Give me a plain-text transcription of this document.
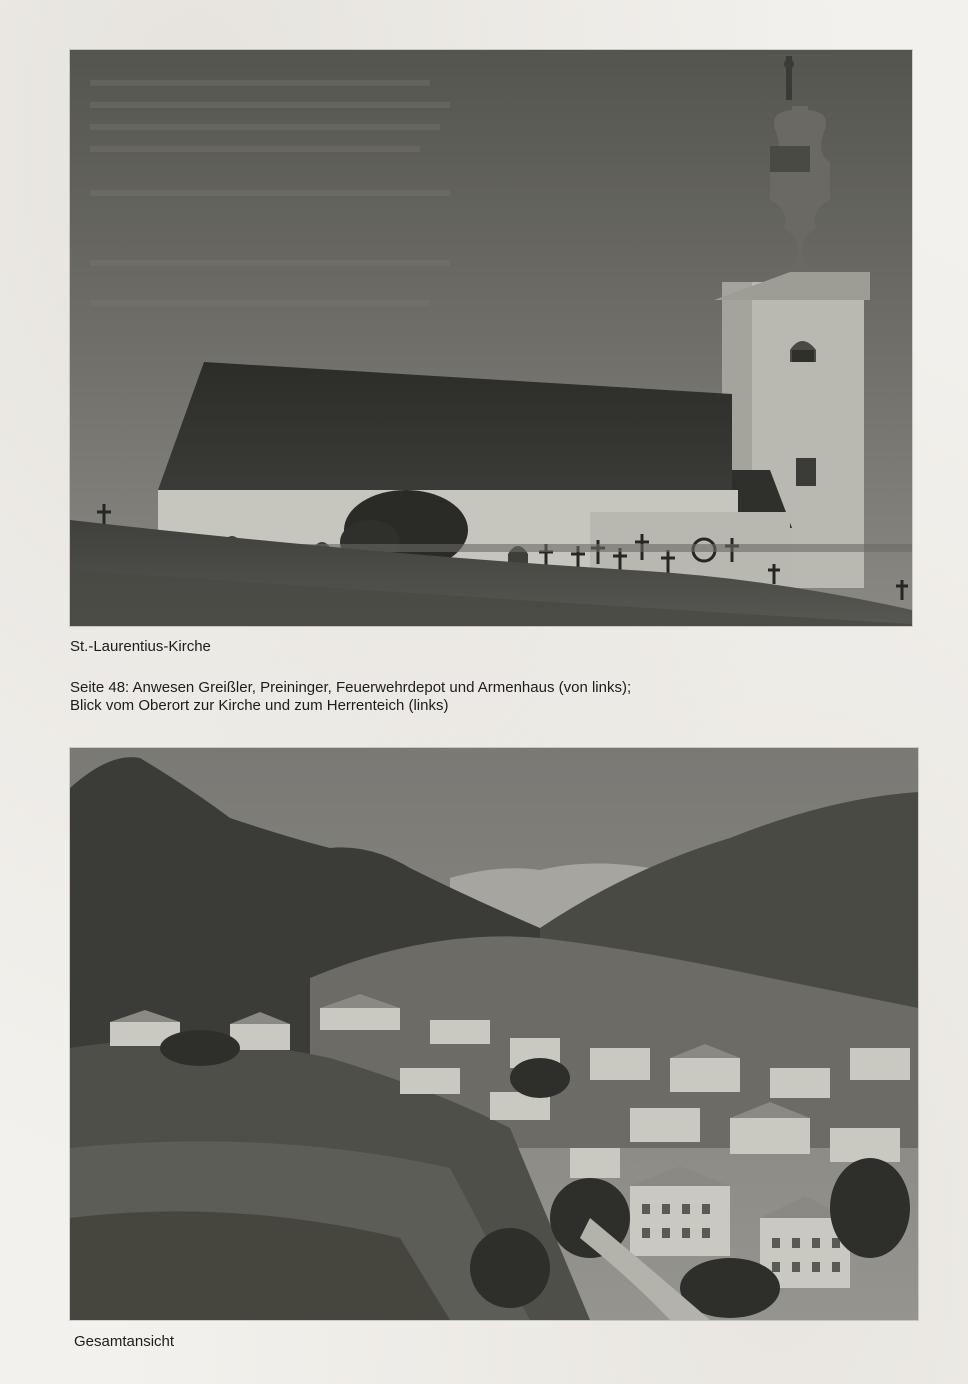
St.-Laurentius-Kirche
Seite 48: Anwesen Greißler, Preininger, Feuerwehrdepot und Armenhaus (von links);
Blick vom Oberort zur Kirche und zum Herrenteich (links)
Gesamtansicht
